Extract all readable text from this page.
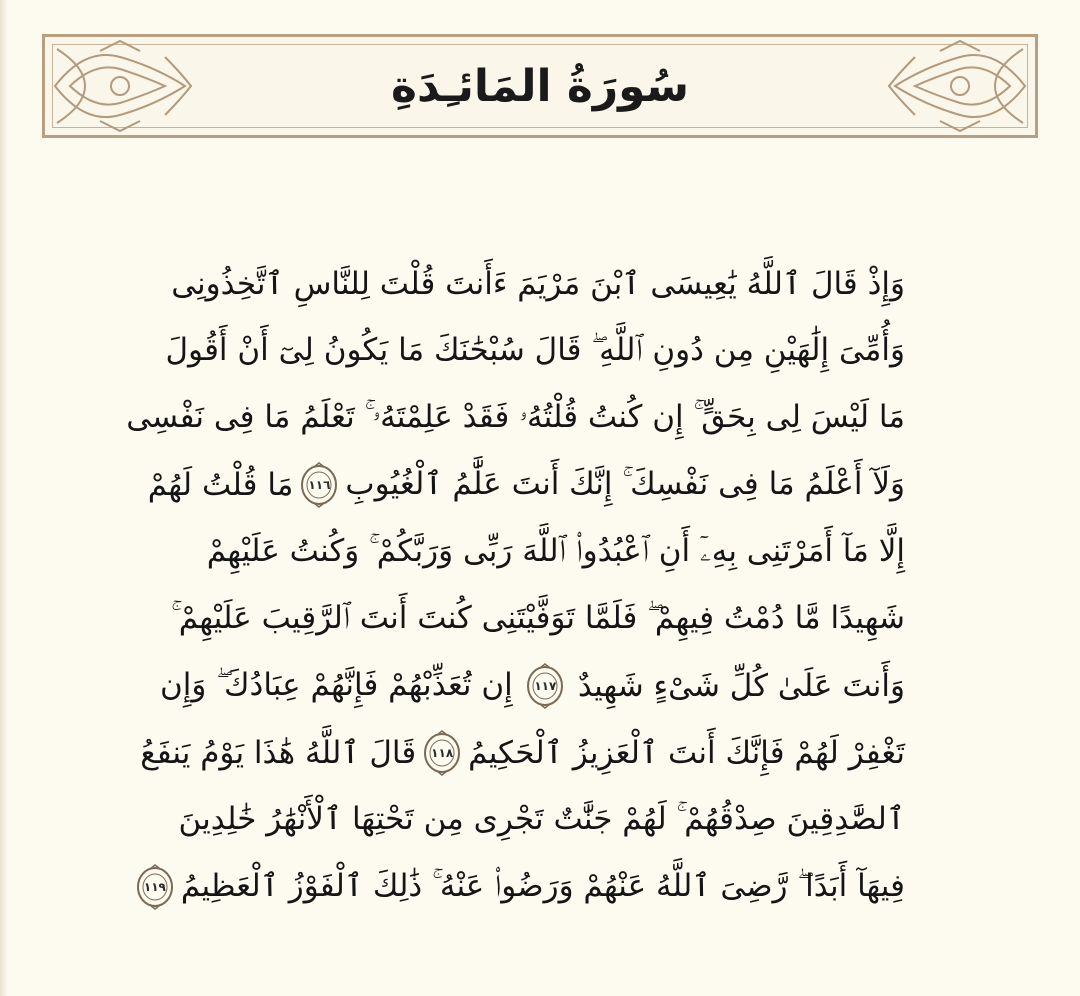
سُورَةُ المَائـِدَةِ
وَإِذْ قَالَ ٱللَّهُ يَٰعِيسَى ٱبْنَ مَرْيَمَ ءَأَنتَ قُلْتَ لِلنَّاسِ ٱتَّخِذُونِى
وَأُمِّىَ إِلَٰهَيْنِ مِن دُونِ ٱللَّهِ ۖ قَالَ سُبْحَٰنَكَ مَا يَكُونُ لِىٓ أَنْ أَقُولَ
مَا لَيْسَ لِى بِحَقٍّ ۚ إِن كُنتُ قُلْتُهُۥ فَقَدْ عَلِمْتَهُۥ ۚ تَعْلَمُ مَا فِى نَفْسِى
وَلَآ أَعْلَمُ مَا فِى نَفْسِكَ ۚ إِنَّكَ أَنتَ عَلَّٰمُ ٱلْغُيُوبِ
١١٦
مَا قُلْتُ لَهُمْ
إِلَّا مَآ أَمَرْتَنِى بِهِۦٓ أَنِ ٱعْبُدُوا۟ ٱللَّهَ رَبِّى وَرَبَّكُمْ ۚ وَكُنتُ عَلَيْهِمْ
شَهِيدًا مَّا دُمْتُ فِيهِمْ ۖ فَلَمَّا تَوَفَّيْتَنِى كُنتَ أَنتَ ٱلرَّقِيبَ عَلَيْهِمْ ۚ
وَأَنتَ عَلَىٰ كُلِّ شَىْءٍ شَهِيدٌ
١١٧
إِن تُعَذِّبْهُمْ فَإِنَّهُمْ عِبَادُكَ ۖ وَإِن
تَغْفِرْ لَهُمْ فَإِنَّكَ أَنتَ ٱلْعَزِيزُ ٱلْحَكِيمُ
١١٨
قَالَ ٱللَّهُ هَٰذَا يَوْمُ يَنفَعُ
ٱلصَّٰدِقِينَ صِدْقُهُمْ ۚ لَهُمْ جَنَّٰتٌ تَجْرِى مِن تَحْتِهَا ٱلْأَنْهَٰرُ خَٰلِدِينَ
فِيهَآ أَبَدًا ۖ رَّضِىَ ٱللَّهُ عَنْهُمْ وَرَضُوا۟ عَنْهُ ۚ ذَٰلِكَ ٱلْفَوْزُ ٱلْعَظِيمُ
١١٩
